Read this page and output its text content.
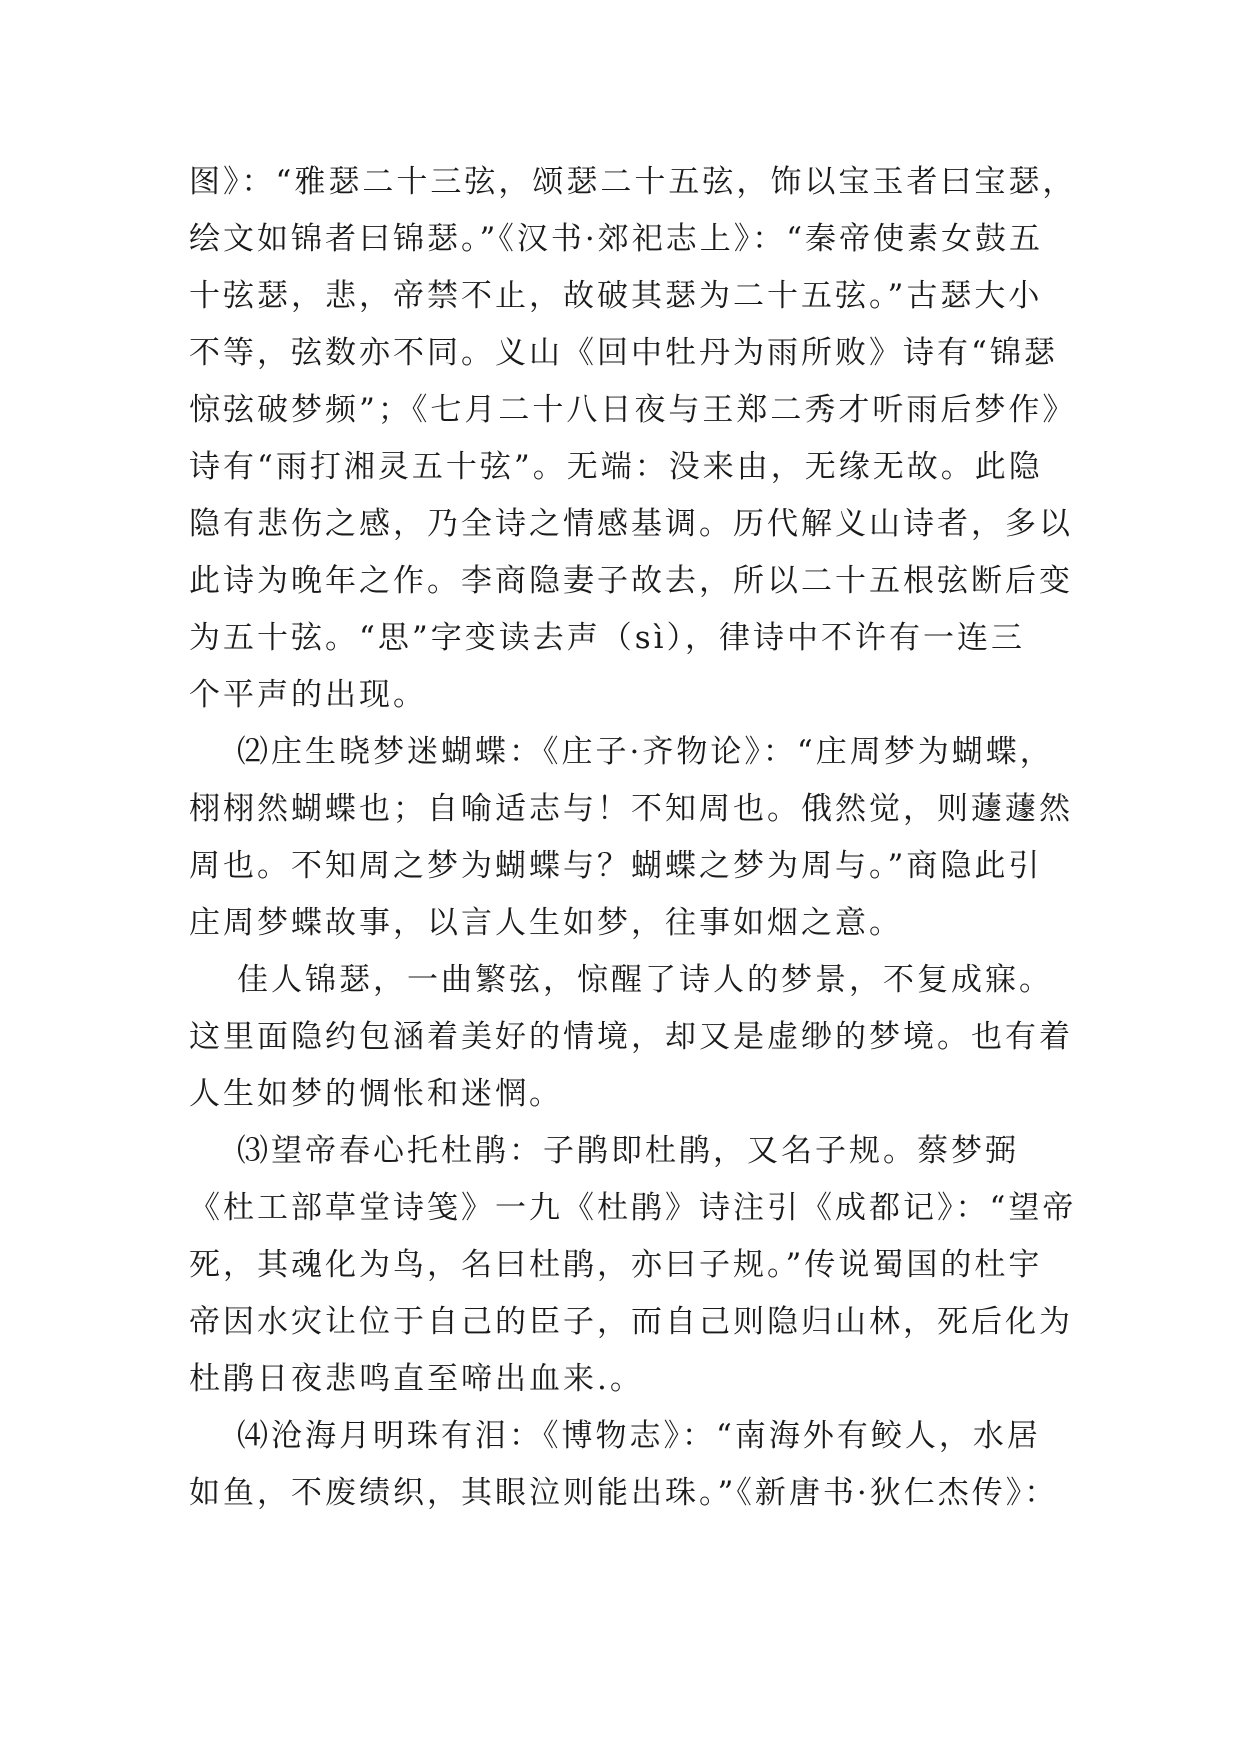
图》：“雅瑟二十三弦，颂瑟二十五弦，饰以宝玉者曰宝瑟，
绘文如锦者曰锦瑟。”《汉书·郊祀志上》：“秦帝使素女鼓五
十弦瑟，悲，帝禁不止，故破其瑟为二十五弦。”古瑟大小
不等，弦数亦不同。义山《回中牡丹为雨所败》诗有“锦瑟
惊弦破梦频”；《七月二十八日夜与王郑二秀才听雨后梦作》
诗有“雨打湘灵五十弦”。无端：没来由，无缘无故。此隐
隐有悲伤之感，乃全诗之情感基调。历代解义山诗者，多以
此诗为晚年之作。李商隐妻子故去，所以二十五根弦断后变
为五十弦。“思”字变读去声（sì），律诗中不许有一连三
个平声的出现。
⑵庄生晓梦迷蝴蝶：《庄子·齐物论》：“庄周梦为蝴蝶，
栩栩然蝴蝶也；自喻适志与！不知周也。俄然觉，则蘧蘧然
周也。不知周之梦为蝴蝶与？蝴蝶之梦为周与。”商隐此引
庄周梦蝶故事，以言人生如梦，往事如烟之意。
佳人锦瑟，一曲繁弦，惊醒了诗人的梦景，不复成寐。
这里面隐约包涵着美好的情境，却又是虚缈的梦境。也有着
人生如梦的惆怅和迷惘。
⑶望帝春心托杜鹃：子鹃即杜鹃，又名子规。蔡梦弼
《杜工部草堂诗笺》一九《杜鹃》诗注引《成都记》：“望帝
死，其魂化为鸟，名曰杜鹃，亦曰子规。”传说蜀国的杜宇
帝因水灾让位于自己的臣子，而自己则隐归山林，死后化为
杜鹃日夜悲鸣直至啼出血来.。
⑷沧海月明珠有泪：《博物志》：“南海外有鲛人，水居
如鱼，不废绩织，其眼泣则能出珠。”《新唐书·狄仁杰传》：
